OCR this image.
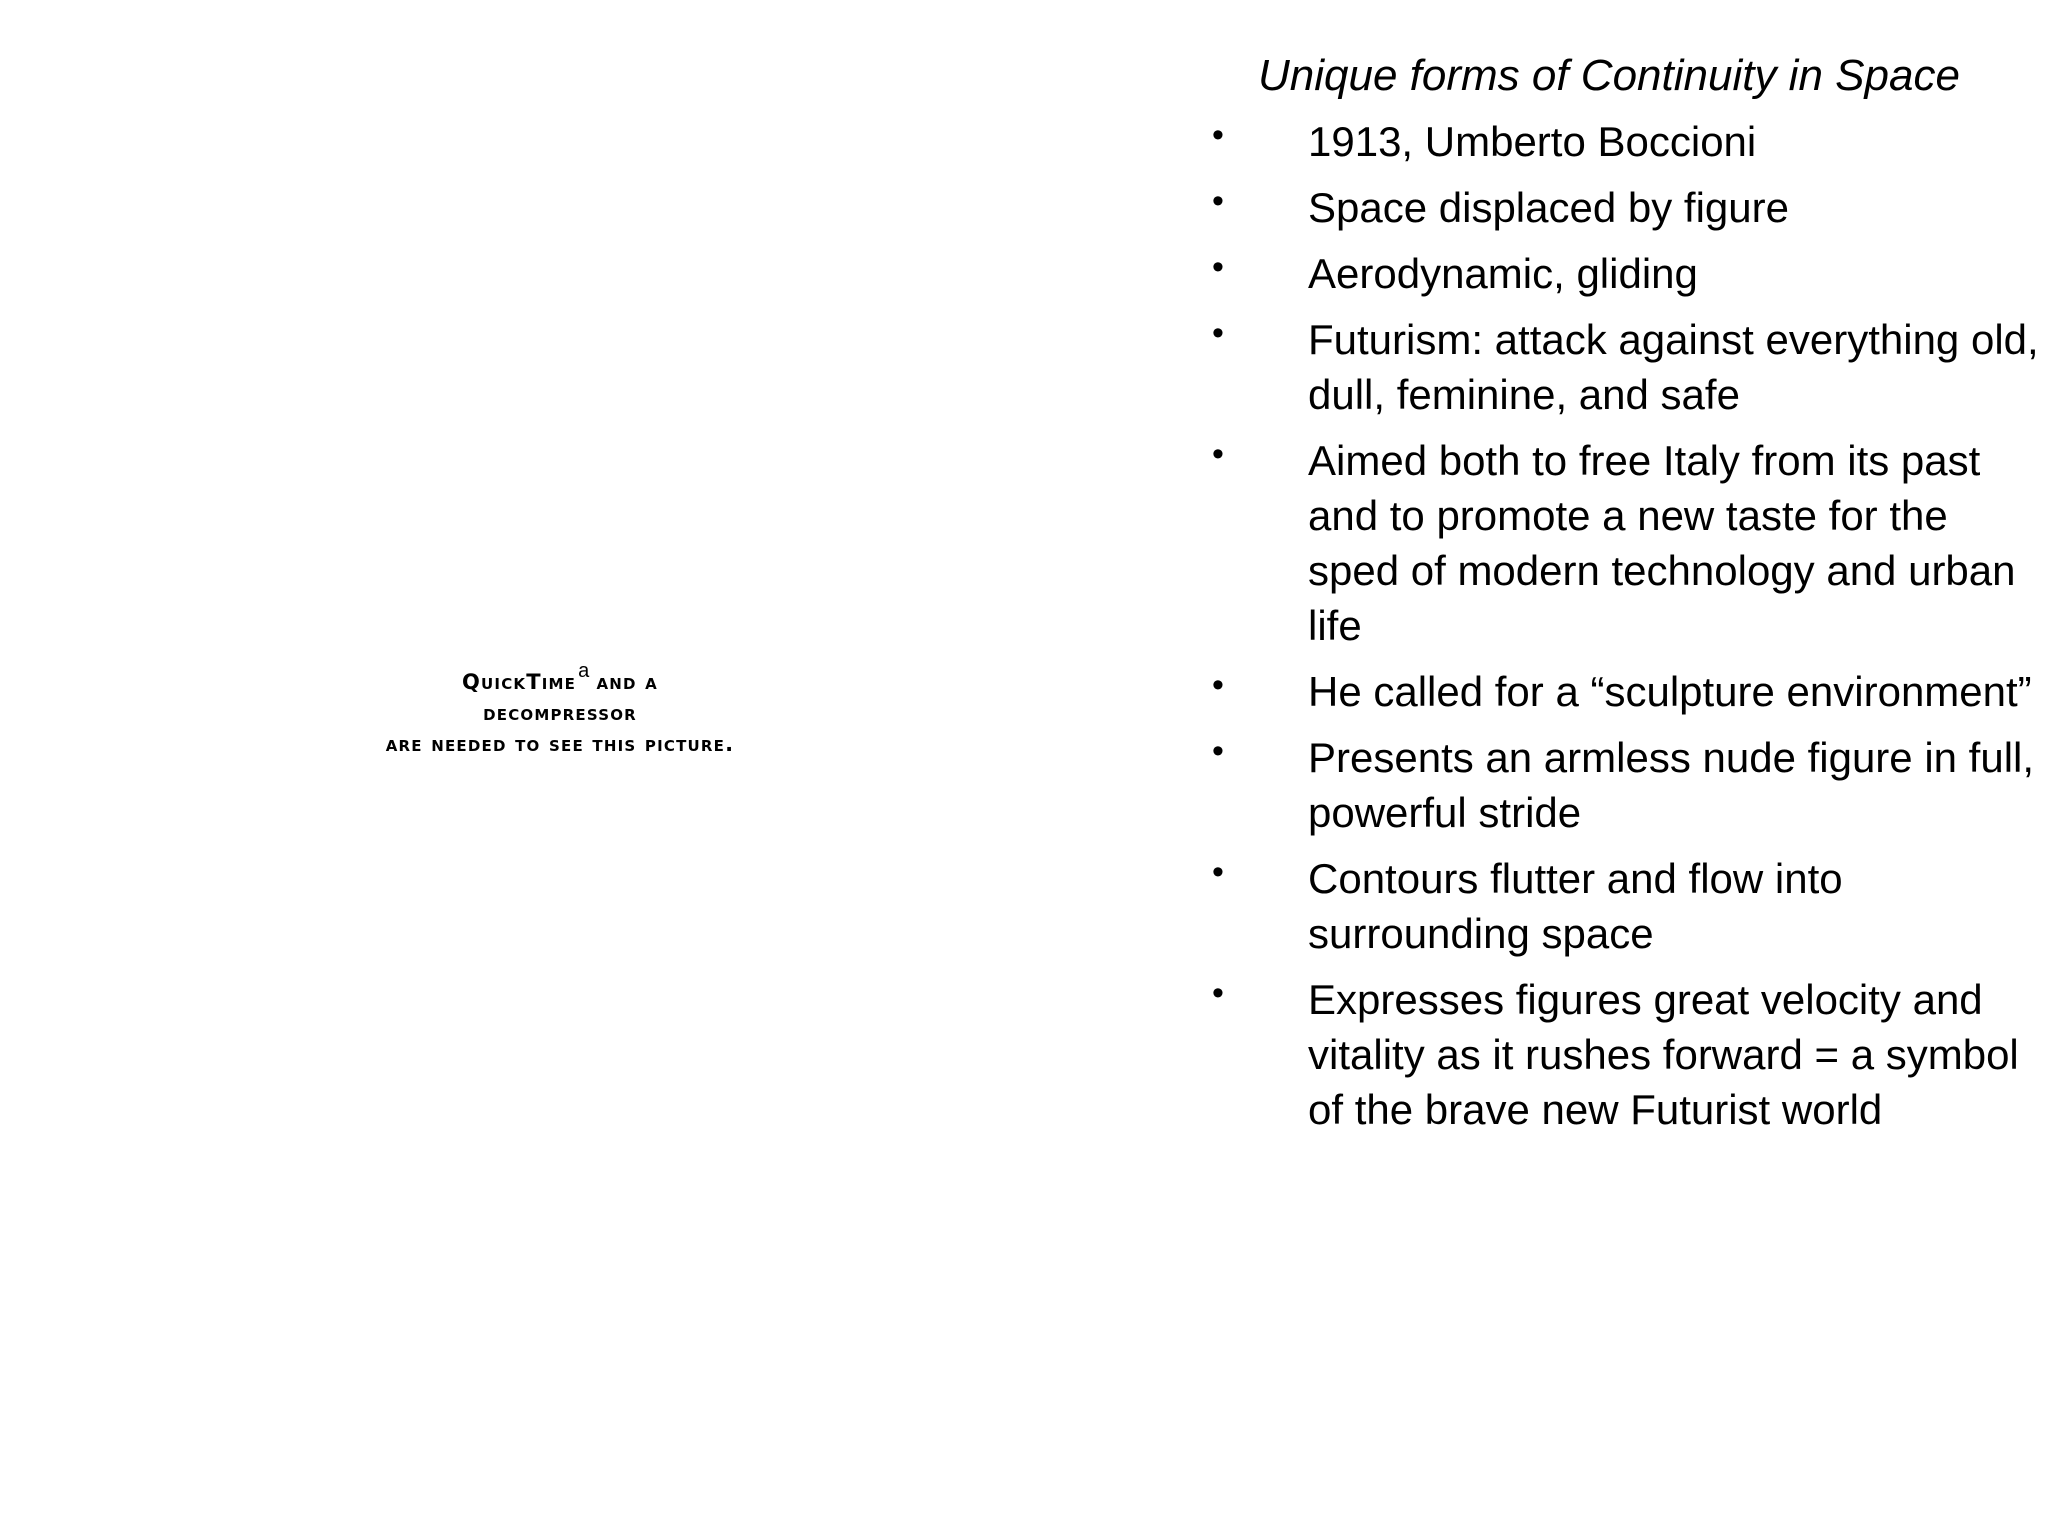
QuickTime $^a$ and a
decompressor
are needed to see this picture.
Unique forms of Continuity in Space
• 1913, Umberto Boccioni
• Space displaced by figure
• Aerodynamic, gliding
• Futurism: attack against everything old, dull, feminine, and safe
• Aimed both to free Italy from its past and to promote a new taste for the sped of modern technology and urban life
• He called for a “sculpture environment”
• Presents an armless nude figure in full, powerful stride
• Contours flutter and flow into surrounding space
• Expresses figures great velocity and vitality as it rushes forward = a symbol of the brave new Futurist world
